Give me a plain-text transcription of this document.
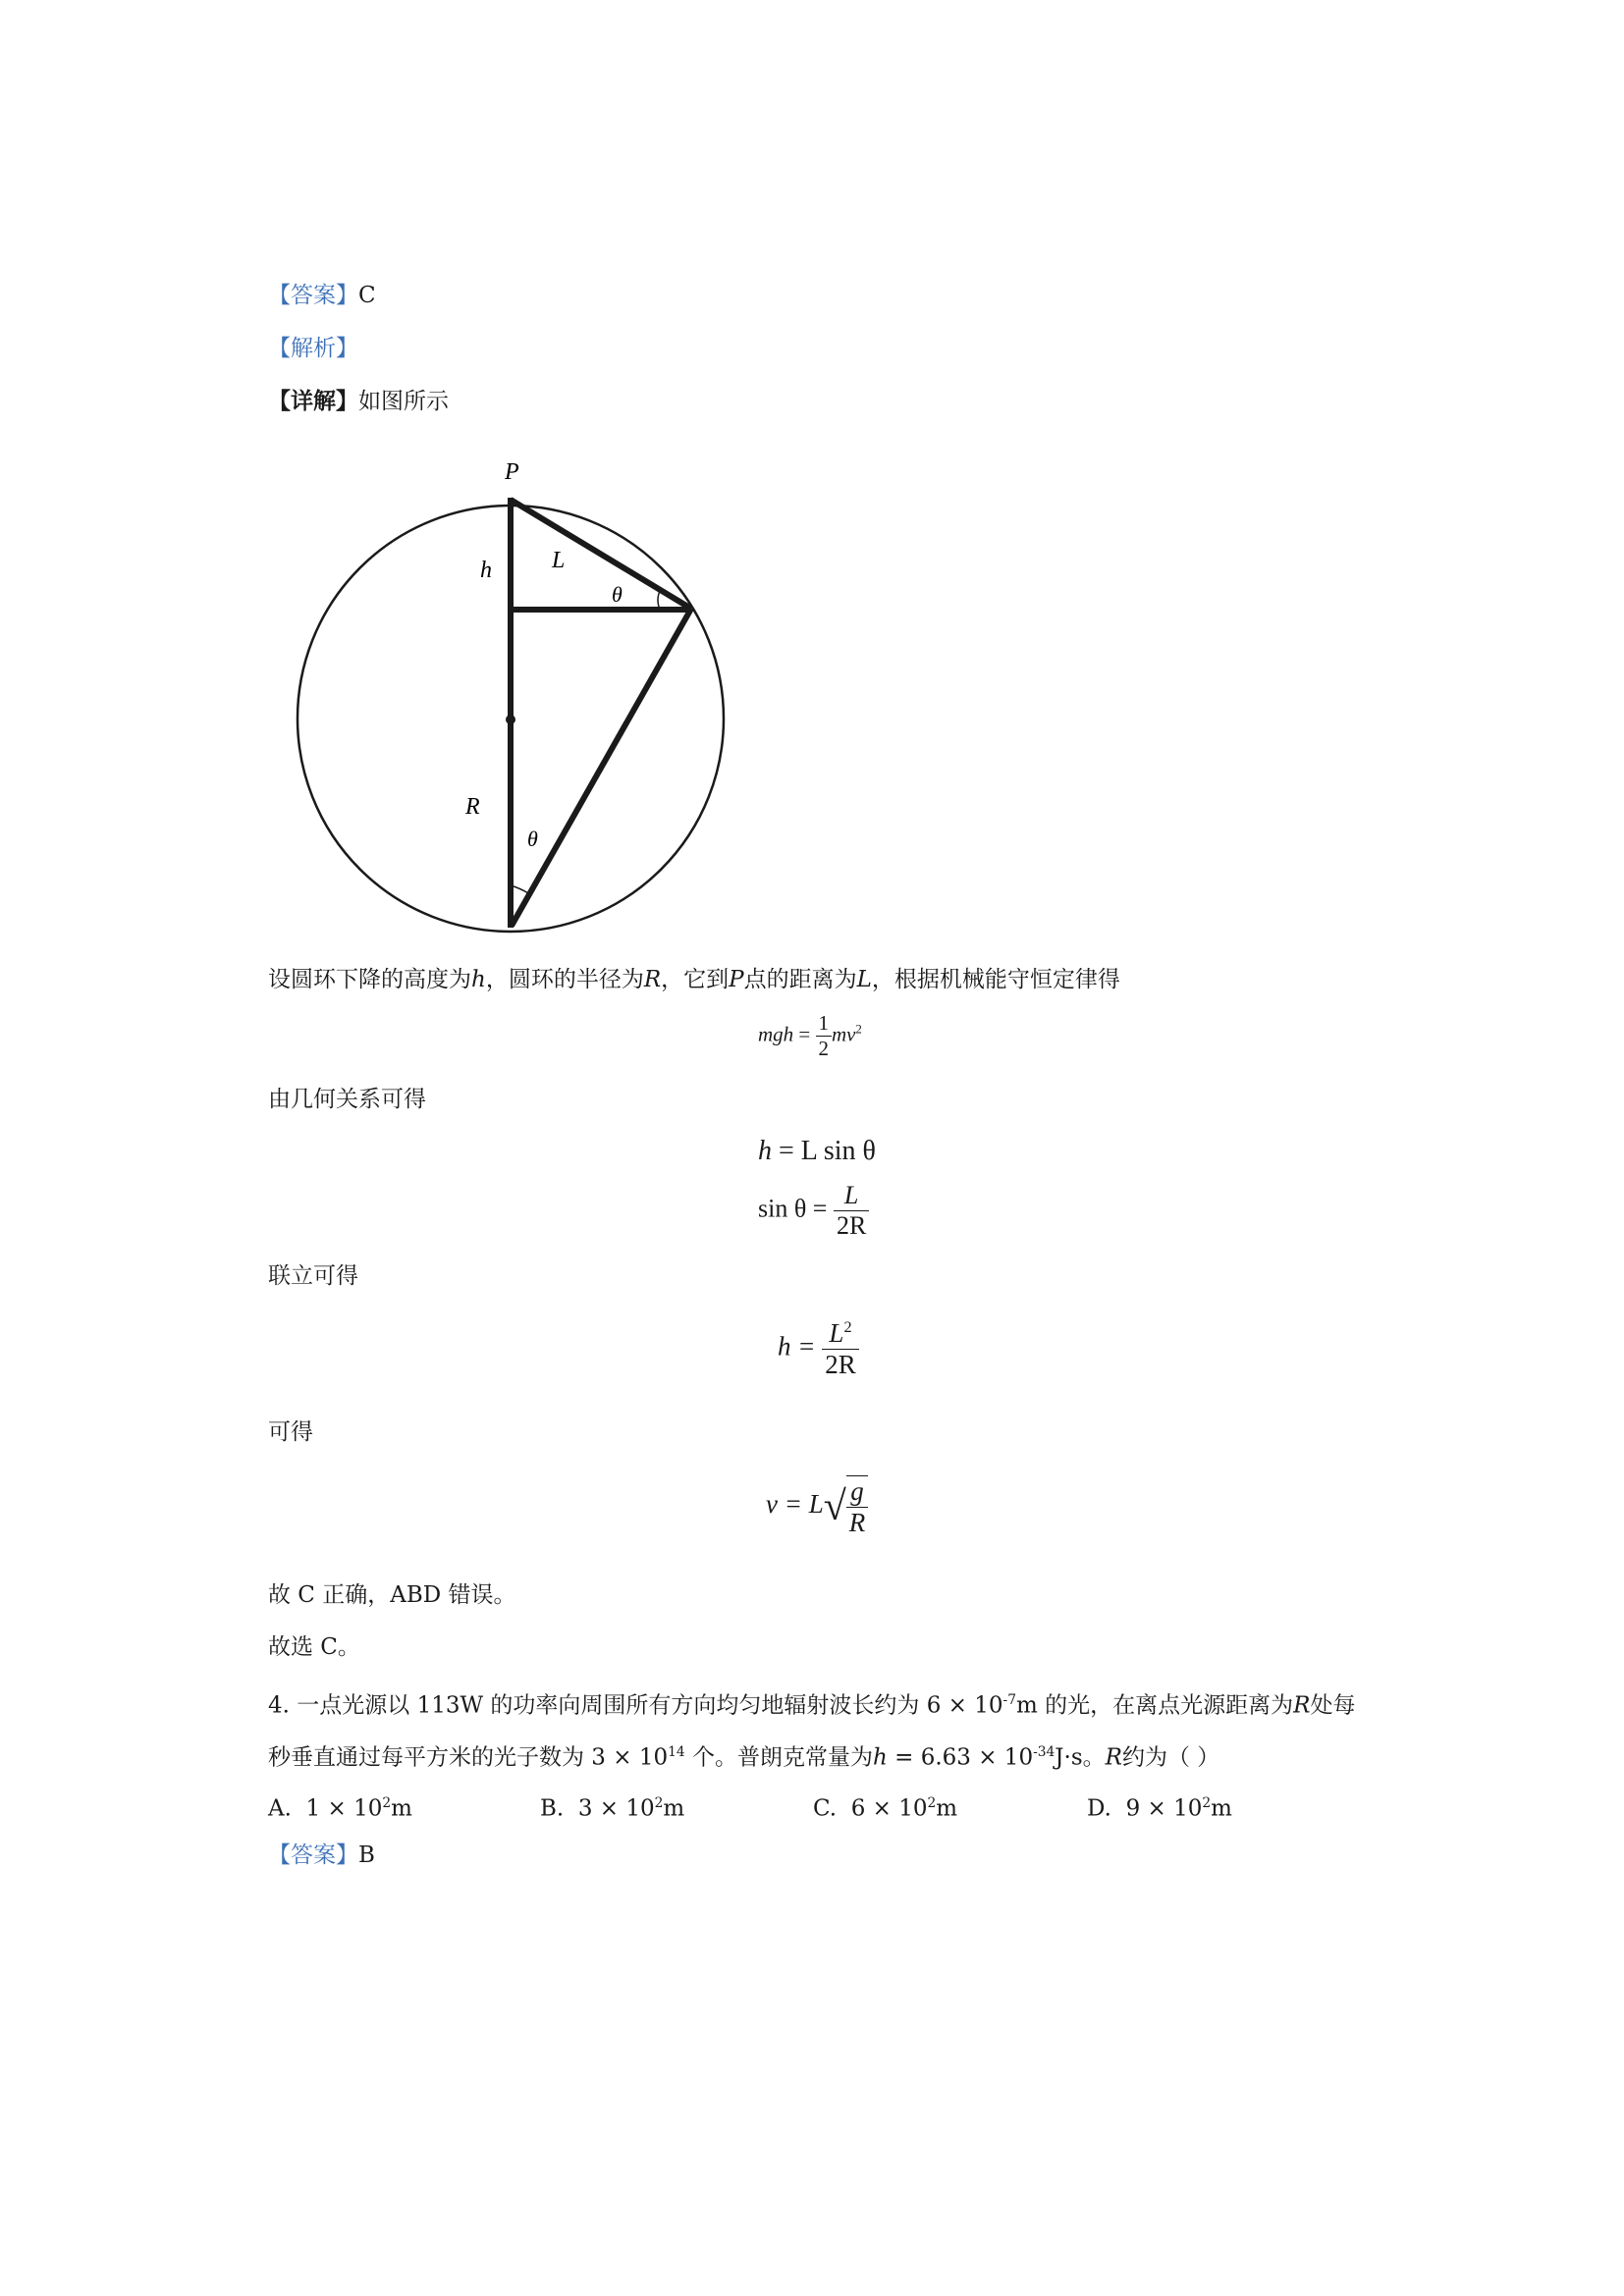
【答案】C
【解析】
【详解】如图所示
P
h	L
θ
R
θ
设圆环下降的高度为h，圆环的半径为R，它到P点的距离为L，根据机械能守恒定律得
mgh = $\frac{1}{2} mv^2$
由几何关系可得
h = L sin θ
$\sin \theta = \frac{L}{2R}$
联立可得
$h = \frac{L^2}{2R}$
可得
$v = L√ \frac{g}{R}$
故 C 正确，ABD 错误。
故选 C。
4. 一点光源以 113W 的功率向周围所有方向均匀地辐射波长约为 $6 \times 10^{-7}m$ 的光，在离点光源距离为R处每
秒垂直通过每平方米的光子数为 $3 \times 10^{14}$ 个。普朗克常量为$h = 6.63 \times 10^{-34}J\cdot s$。R约为（ ）
A. $1 \times 10^2m$	B. $3 \times 10^2m$	C. $6 \times 10^2m$	D. $9 \times 10^2m$
【答案】B
